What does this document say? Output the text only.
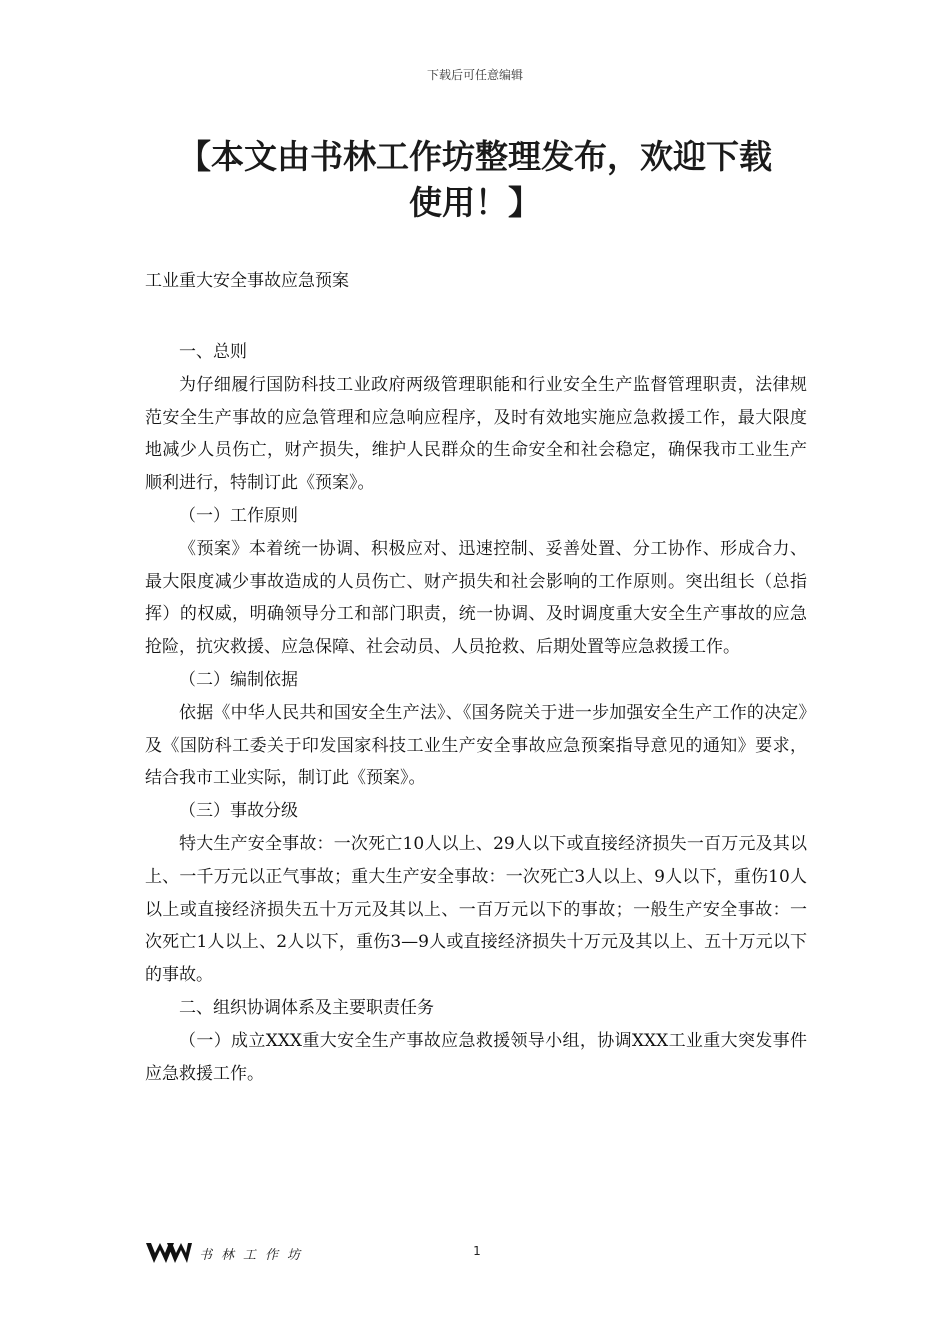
下载后可任意编辑
【本文由书林工作坊整理发布，欢迎下载
使用！】
工业重大安全事故应急预案

一、总则

为仔细履行国防科技工业政府两级管理职能和行业安全生产监督管理职责，法律规范安全生产事故的应急管理和应急响应程序，及时有效地实施应急救援工作，最大限度地减少人员伤亡，财产损失，维护人民群众的生命安全和社会稳定，确保我市工业生产顺利进行，特制订此《预案》。

（一）工作原则

《预案》本着统一协调、积极应对、迅速控制、妥善处置、分工协作、形成合力、最大限度减少事故造成的人员伤亡、财产损失和社会影响的工作原则。突出组长（总指挥）的权威，明确领导分工和部门职责，统一协调、及时调度重大安全生产事故的应急抢险，抗灾救援、应急保障、社会动员、人员抢救、后期处置等应急救援工作。

（二）编制依据

依据《中华人民共和国安全生产法》、《国务院关于进一步加强安全生产工作的决定》及《国防科工委关于印发国家科技工业生产安全事故应急预案指导意见的通知》要求，结合我市工业实际，制订此《预案》。

（三）事故分级

特大生产安全事故：一次死亡10人以上、29人以下或直接经济损失一百万元及其以上、一千万元以正气事故；重大生产安全事故：一次死亡3人以上、9人以下，重伤10人以上或直接经济损失五十万元及其以上、一百万元以下的事故；一般生产安全事故：一次死亡1人以上、2人以下，重伤3—9人或直接经济损失十万元及其以上、五十万元以下的事故。

二、组织协调体系及主要职责任务

（一）成立XXX重大安全生产事故应急救援领导小组，协调XXX工业重大突发事件应急救援工作。

书林工作坊	1
